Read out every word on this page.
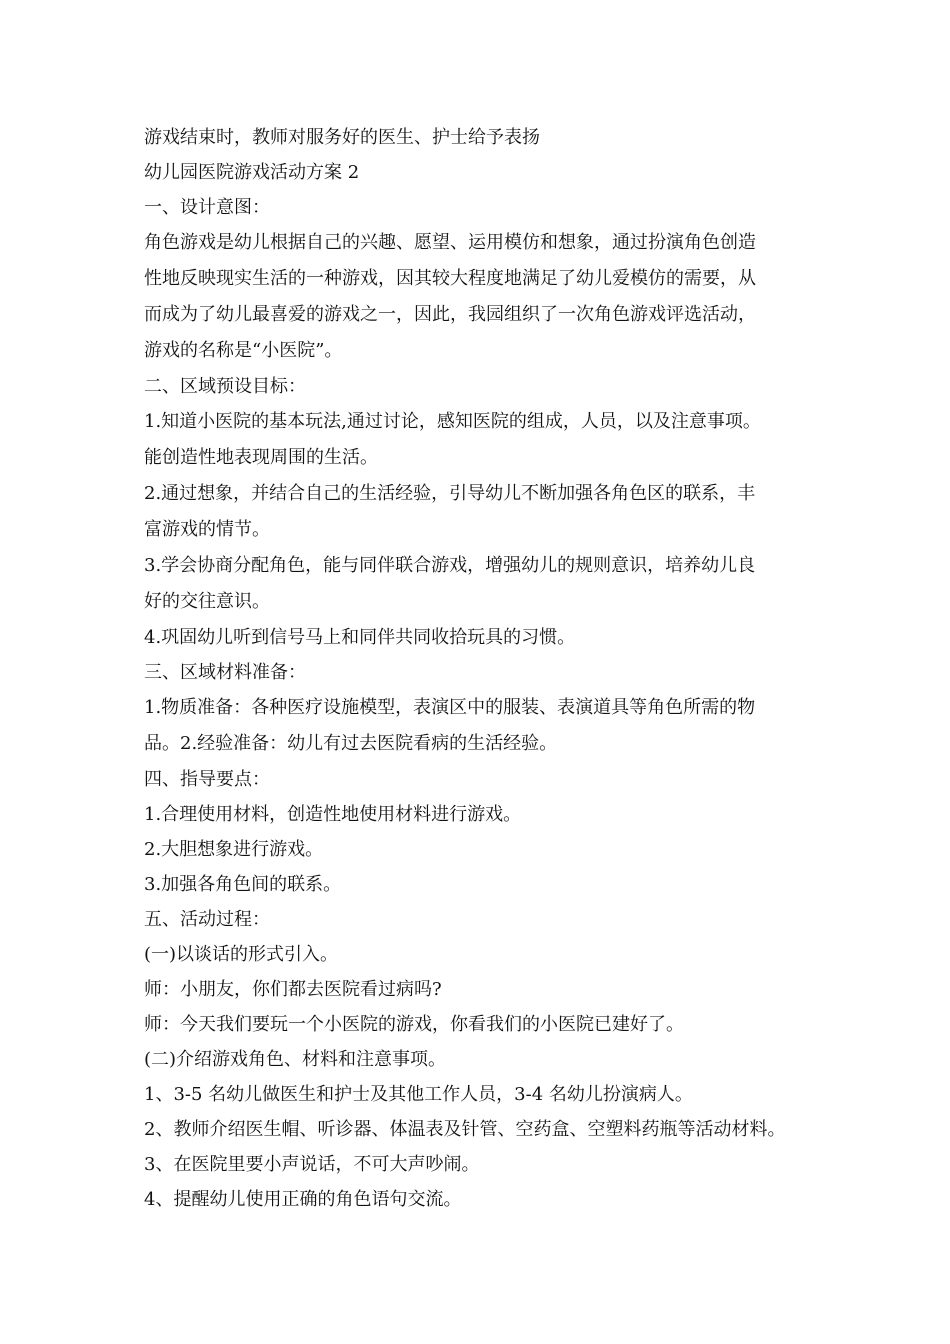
游戏结束时，教师对服务好的医生、护士给予表扬

幼儿园医院游戏活动方案 2

一、设计意图：

角色游戏是幼儿根据自己的兴趣、愿望、运用模仿和想象，通过扮演角色创造

性地反映现实生活的一种游戏，因其较大程度地满足了幼儿爱模仿的需要，从

而成为了幼儿最喜爱的游戏之一，因此，我园组织了一次角色游戏评选活动，

游戏的名称是“小医院”。

二、区域预设目标：

1.知道小医院的基本玩法,通过讨论，感知医院的组成，人员，以及注意事项。

能创造性地表现周围的生活。

2.通过想象，并结合自己的生活经验，引导幼儿不断加强各角色区的联系，丰

富游戏的情节。

3.学会协商分配角色，能与同伴联合游戏，增强幼儿的规则意识，培养幼儿良

好的交往意识。

4.巩固幼儿听到信号马上和同伴共同收拾玩具的习惯。

三、区域材料准备：

1.物质准备：各种医疗设施模型，表演区中的服装、表演道具等角色所需的物

品。2.经验准备：幼儿有过去医院看病的生活经验。

四、指导要点：

1.合理使用材料，创造性地使用材料进行游戏。

2.大胆想象进行游戏。

3.加强各角色间的联系。

五、活动过程：

(一)以谈话的形式引入。

师：小朋友，你们都去医院看过病吗?

师：今天我们要玩一个小医院的游戏，你看我们的小医院已建好了。

(二)介绍游戏角色、材料和注意事项。

1、3-5 名幼儿做医生和护士及其他工作人员，3-4 名幼儿扮演病人。

2、教师介绍医生帽、听诊器、体温表及针管、空药盒、空塑料药瓶等活动材料。

3、在医院里要小声说话，不可大声吵闹。

4、提醒幼儿使用正确的角色语句交流。
